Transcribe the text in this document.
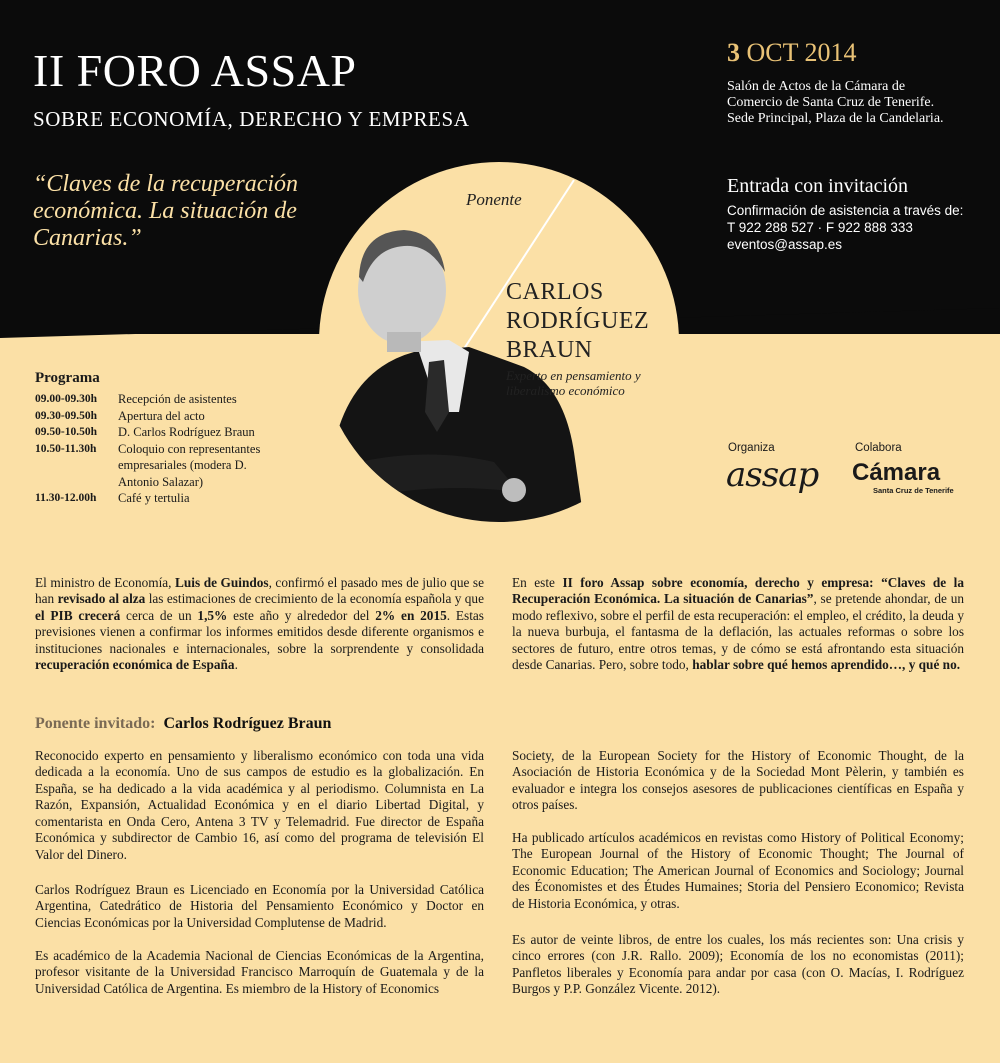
II FORO ASSAP
SOBRE ECONOMÍA, DERECHO Y EMPRESA
“Claves de la recuperación económica. La situación de Canarias.”
3 OCT 2014
Salón de Actos de la Cámara de
Comercio de Santa Cruz de Tenerife.
Sede Principal, Plaza de la Candelaria.
Entrada con invitación
Confirmación de asistencia a través de:
T 922 288 527 · F 922 888 333
eventos@assap.es
Ponente
CARLOS
RODRÍGUEZ
BRAUN
Experto en pensamiento y liberalismo económico
Programa
09.00-09.30h	Recepción de asistentes
09.30-09.50h	Apertura del acto
09.50-10.50h	D. Carlos Rodríguez Braun
10.50-11.30h	Coloquio con representantes empresariales (modera D. Antonio Salazar)
11.30-12.00h	Café y tertulia
Organiza	Colabora
assap Cámara
Santa Cruz de Tenerife
El ministro de Economía, Luis de Guindos, confirmó el pasado mes de julio que se han revisado al alza las estimaciones de crecimiento de la economía española y que el PIB crecerá cerca de un 1,5% este año y alrededor del 2% en 2015. Estas previsiones vienen a confirmar los informes emitidos desde diferente organismos e instituciones nacionales e internacionales, sobre la sorprendente y consolidada recuperación económica de España.
En este II foro Assap sobre economía, derecho y empresa: “Claves de la Recuperación Económica. La situación de Canarias”, se pretende ahondar, de un modo reflexivo, sobre el perfil de esta recuperación: el empleo, el crédito, la deuda y la nueva burbuja, el fantasma de la deflación, las actuales reformas o sobre los sectores de futuro, entre otros temas, y de cómo se está afrontando esta situación desde Canarias. Pero, sobre todo, hablar sobre qué hemos aprendido…, y qué no.
Ponente invitado: Carlos Rodríguez Braun
Reconocido experto en pensamiento y liberalismo económico con toda una vida dedicada a la economía. Uno de sus campos de estudio es la globalización. En España, se ha dedicado a la vida académica y al periodismo. Columnista en La Razón, Expansión, Actualidad Económica y en el diario Libertad Digital, y comentarista en Onda Cero, Antena 3 TV y Telemadrid. Fue director de España Económica y subdirector de Cambio 16, así como del programa de televisión El Valor del Dinero.
Carlos Rodríguez Braun es Licenciado en Economía por la Universidad Católica Argentina, Catedrático de Historia del Pensamiento Económico y Doctor en Ciencias Económicas por la Universidad Complutense de Madrid.
Es académico de la Academia Nacional de Ciencias Económicas de la Argentina, profesor visitante de la Universidad Francisco Marroquín de Guatemala y de la Universidad Católica de Argentina. Es miembro de la History of Economics
Society, de la European Society for the History of Economic Thought, de la Asociación de Historia Económica y de la Sociedad Mont Pèlerin, y también es evaluador e integra los consejos asesores de publicaciones científicas en España y otros países.
Ha publicado artículos académicos en revistas como History of Political Economy; The European Journal of the History of Economic Thought; The Journal of Economic Education; The American Journal of Economics and Sociology; Journal des Économistes et des Études Humaines; Storia del Pensiero Economico; Revista de Historia Económica, y otras.
Es autor de veinte libros, de entre los cuales, los más recientes son: Una crisis y cinco errores (con J.R. Rallo. 2009); Economía de los no economistas (2011); Panfletos liberales y Economía para andar por casa (con O. Macías, I. Rodríguez Burgos y P.P. González Vicente. 2012).
